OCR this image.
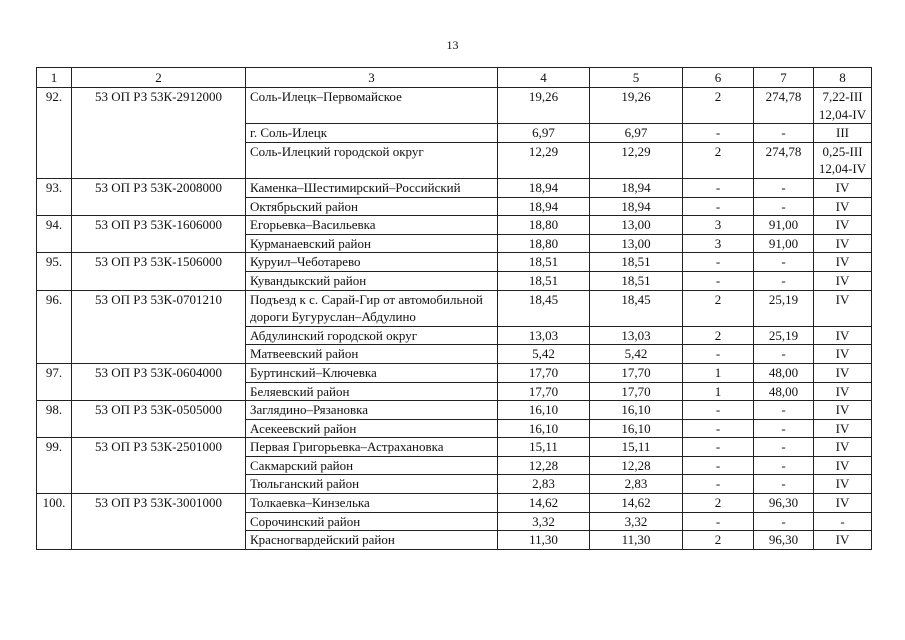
13
1	2	3	4	5	6	7	8
92.	53 ОП РЗ 53К-2912000	Соль-Илецк–Первомайское	19,26	19,26	2	274,78	7,22-III 12,04-IV
		г. Соль-Илецк	6,97	6,97	-	-	III
		Соль-Илецкий городской округ	12,29	12,29	2	274,78	0,25-III 12,04-IV
93.	53 ОП РЗ 53К-2008000	Каменка–Шестимирский–Российский	18,94	18,94	-	-	IV
		Октябрьский район	18,94	18,94	-	-	IV
94.	53 ОП РЗ 53К-1606000	Егорьевка–Васильевка	18,80	13,00	3	91,00	IV
		Курманаевский район	18,80	13,00	3	91,00	IV
95.	53 ОП РЗ 53К-1506000	Куруил–Чеботарево	18,51	18,51	-	-	IV
		Кувандыкский район	18,51	18,51	-	-	IV
96.	53 ОП РЗ 53К-0701210	Подъезд к с. Сарай-Гир от автомобильной дороги Бугуруслан–Абдулино	18,45	18,45	2	25,19	IV
		Абдулинский городской округ	13,03	13,03	2	25,19	IV
		Матвеевский район	5,42	5,42	-	-	IV
97.	53 ОП РЗ 53К-0604000	Буртинский–Ключевка	17,70	17,70	1	48,00	IV
		Беляевский район	17,70	17,70	1	48,00	IV
98.	53 ОП РЗ 53К-0505000	Заглядино–Рязановка	16,10	16,10	-	-	IV
		Асекеевский район	16,10	16,10	-	-	IV
99.	53 ОП РЗ 53К-2501000	Первая Григорьевка–Астрахановка	15,11	15,11	-	-	IV
		Сакмарский район	12,28	12,28	-	-	IV
		Тюльганский район	2,83	2,83	-	-	IV
100.	53 ОП РЗ 53К-3001000	Толкаевка–Кинзелька	14,62	14,62	2	96,30	IV
		Сорочинский район	3,32	3,32	-	-	-
		Красногвардейский район	11,30	11,30	2	96,30	IV
